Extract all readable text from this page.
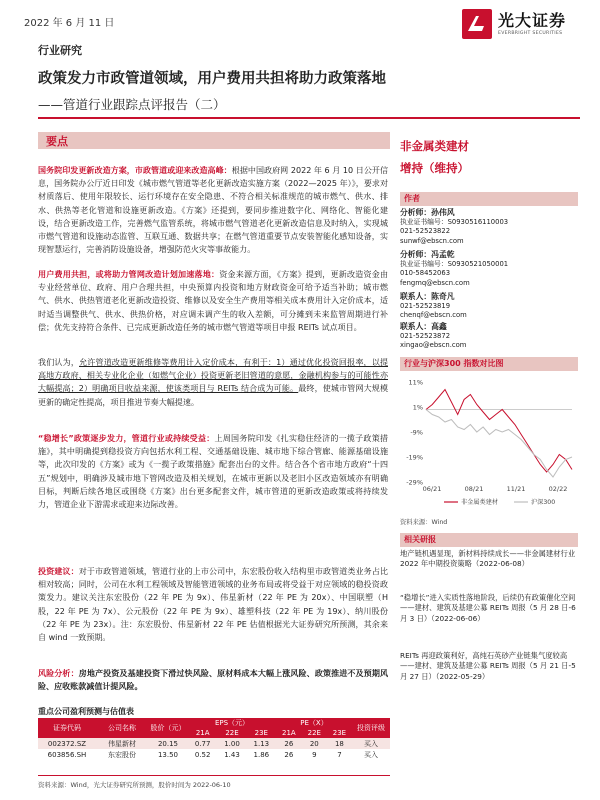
2022 年 6 月 11 日	光大证券
EVERBRIGHT SECURITIES
行业研究
政策发力市政管道领域，用户费用共担将助力政策落地
——管道行业跟踪点评报告（二）
要点
国务院印发更新改造方案，市政管道或迎来改造高峰：根据中国政府网 2022 年 6 月 10 日公开信息，国务院办公厅近日印发《城市燃气管道等老化更新改造实施方案（2022—2025 年）》，要求对材质落后、使用年限较长、运行环境存在安全隐患、不符合相关标准规范的城市燃气、供水、排水、供热等老化管道和设施更新改造。《方案》还提到，要同步推进数字化、网络化、智能化建设，结合更新改造工作，完善燃气监管系统，将城市燃气管道老化更新改造信息及时纳入，实现城市燃气管道和设施动态监管、互联互通、数据共享；在燃气管道重要节点安装智能化感知设备，实现智慧运行，完善消防设施设备，增强防范火灾等事故能力。
用户费用共担，或将助力管网改造计划加速落地：资金来源方面，《方案》提到，更新改造资金由专业经营单位、政府、用户合理共担，中央预算内投资和地方财政资金可给予适当补助；城市燃气、供水、供热管道老化更新改造投资、维修以及安全生产费用等相关成本费用计入定价成本，适时适当调整供气、供水、供热价格，对应调未调产生的收入差额，可分摊到未来监管周期进行补偿；优先支持符合条件、已完成更新改造任务的城市燃气管道等项目申报 REITs 试点项目。
我们认为，允许管道改造更新维修等费用计入定价成本，有利于：1）通过优化投资回报率，以提高地方政府、相关专业化企业（如燃气企业）投资更新老旧管道的意愿，金融机构参与的可能性亦大幅提高；2）明确项目收益来源，使该类项目与 REITs 结合成为可能。最终，使城市管网大规模更新的确定性提高，项目推进节奏大幅提速。
“稳增长”政策逐步发力，管道行业或持续受益：上周国务院印发《扎实稳住经济的一揽子政策措施》，其中明确提到稳投资方向包括水利工程、交通基础设施、城市地下综合管廊、能源基础设施等，此次印发的《方案》或为《一揽子政策措施》配套出台的文件。结合各个省市地方政府“十四五”规划中，明确涉及城市地下管网改造及相关规划，在城市更新以及老旧小区改造领域亦有明确目标，判断后续各地区或围绕《方案》出台更多配套文件，城市管道的更新改造政策或将持续发力，管道企业下游需求或迎来边际改善。
投资建议：对于市政管道领域，管道行业的上市公司中，东宏股份收入结构里市政管道类业务占比相对较高；同时，公司在水利工程领域及智能管道领域的业务布局或将受益于对应领域的稳投资政策发力。建议关注东宏股份（22 年 PE 为 9x）、伟星新材（22 年 PE 为 20x）、中国联塑（H 股，22 年 PE 为 7x）、公元股份（22 年 PE 为 9x）、雄塑科技（22 年 PE 为 19x）、纳川股份（22 年 PE 为 23x）。注：东宏股份、伟星新材 22 年 PE 估值根据光大证券研究所预测，其余来自 wind 一致预期。
风险分析：房地产投资及基建投资下滑过快风险、原材料成本大幅上涨风险、政策推进不及预期风险、应收账款减值计提风险。
重点公司盈利预测与估值表
证券代码	公司名称	股价（元）	EPS（元）			PE（X）			投资评级
			21A	22E	23E	21A	22E	23E	
002372.SZ	伟星新材	20.15	0.77	1.00	1.13	26	20	18	买入
603856.SH	东宏股份	13.50	0.52	1.43	1.86	26	9	7	买入
资料来源：Wind，光大证券研究所预测，股价时间为 2022-06-10
非金属类建材
增持（维持）
作者
分析师：孙伟风
执业证书编号：S0930516110003
021-52523822
sunwf@ebscn.com
分析师：冯孟乾
执业证书编号：S0930521050001
010-58452063
fengmq@ebscn.com
联系人：陈奇凡
021-52523819
chenqf@ebscn.com
行业与沪深300 指数对比图
11%
1%
-9%
-19%
-29%
06/21	08/21	11/21	02/22
非金属类建材	沪深300
资料来源：Wind
相关研报
地产链机遇显现，新材料持续成长——非金属建材行业 2022 年中期投资策略（2022-06-08）
“稳增长”进入实质性落地阶段，后续仍有政策催化空间——建材、建筑及基建公募 REITs 周报（5 月 28 日-6 月 3 日）（2022-06-06）
REITs 再迎政策利好，高纯石英砂产业链集气度较高——建材、建筑及基建公募 REITs 周报（5 月 21 日-5 月 27 日）（2022-05-29）
联系人：高鑫
021-52523872
xingao@ebscn.com
